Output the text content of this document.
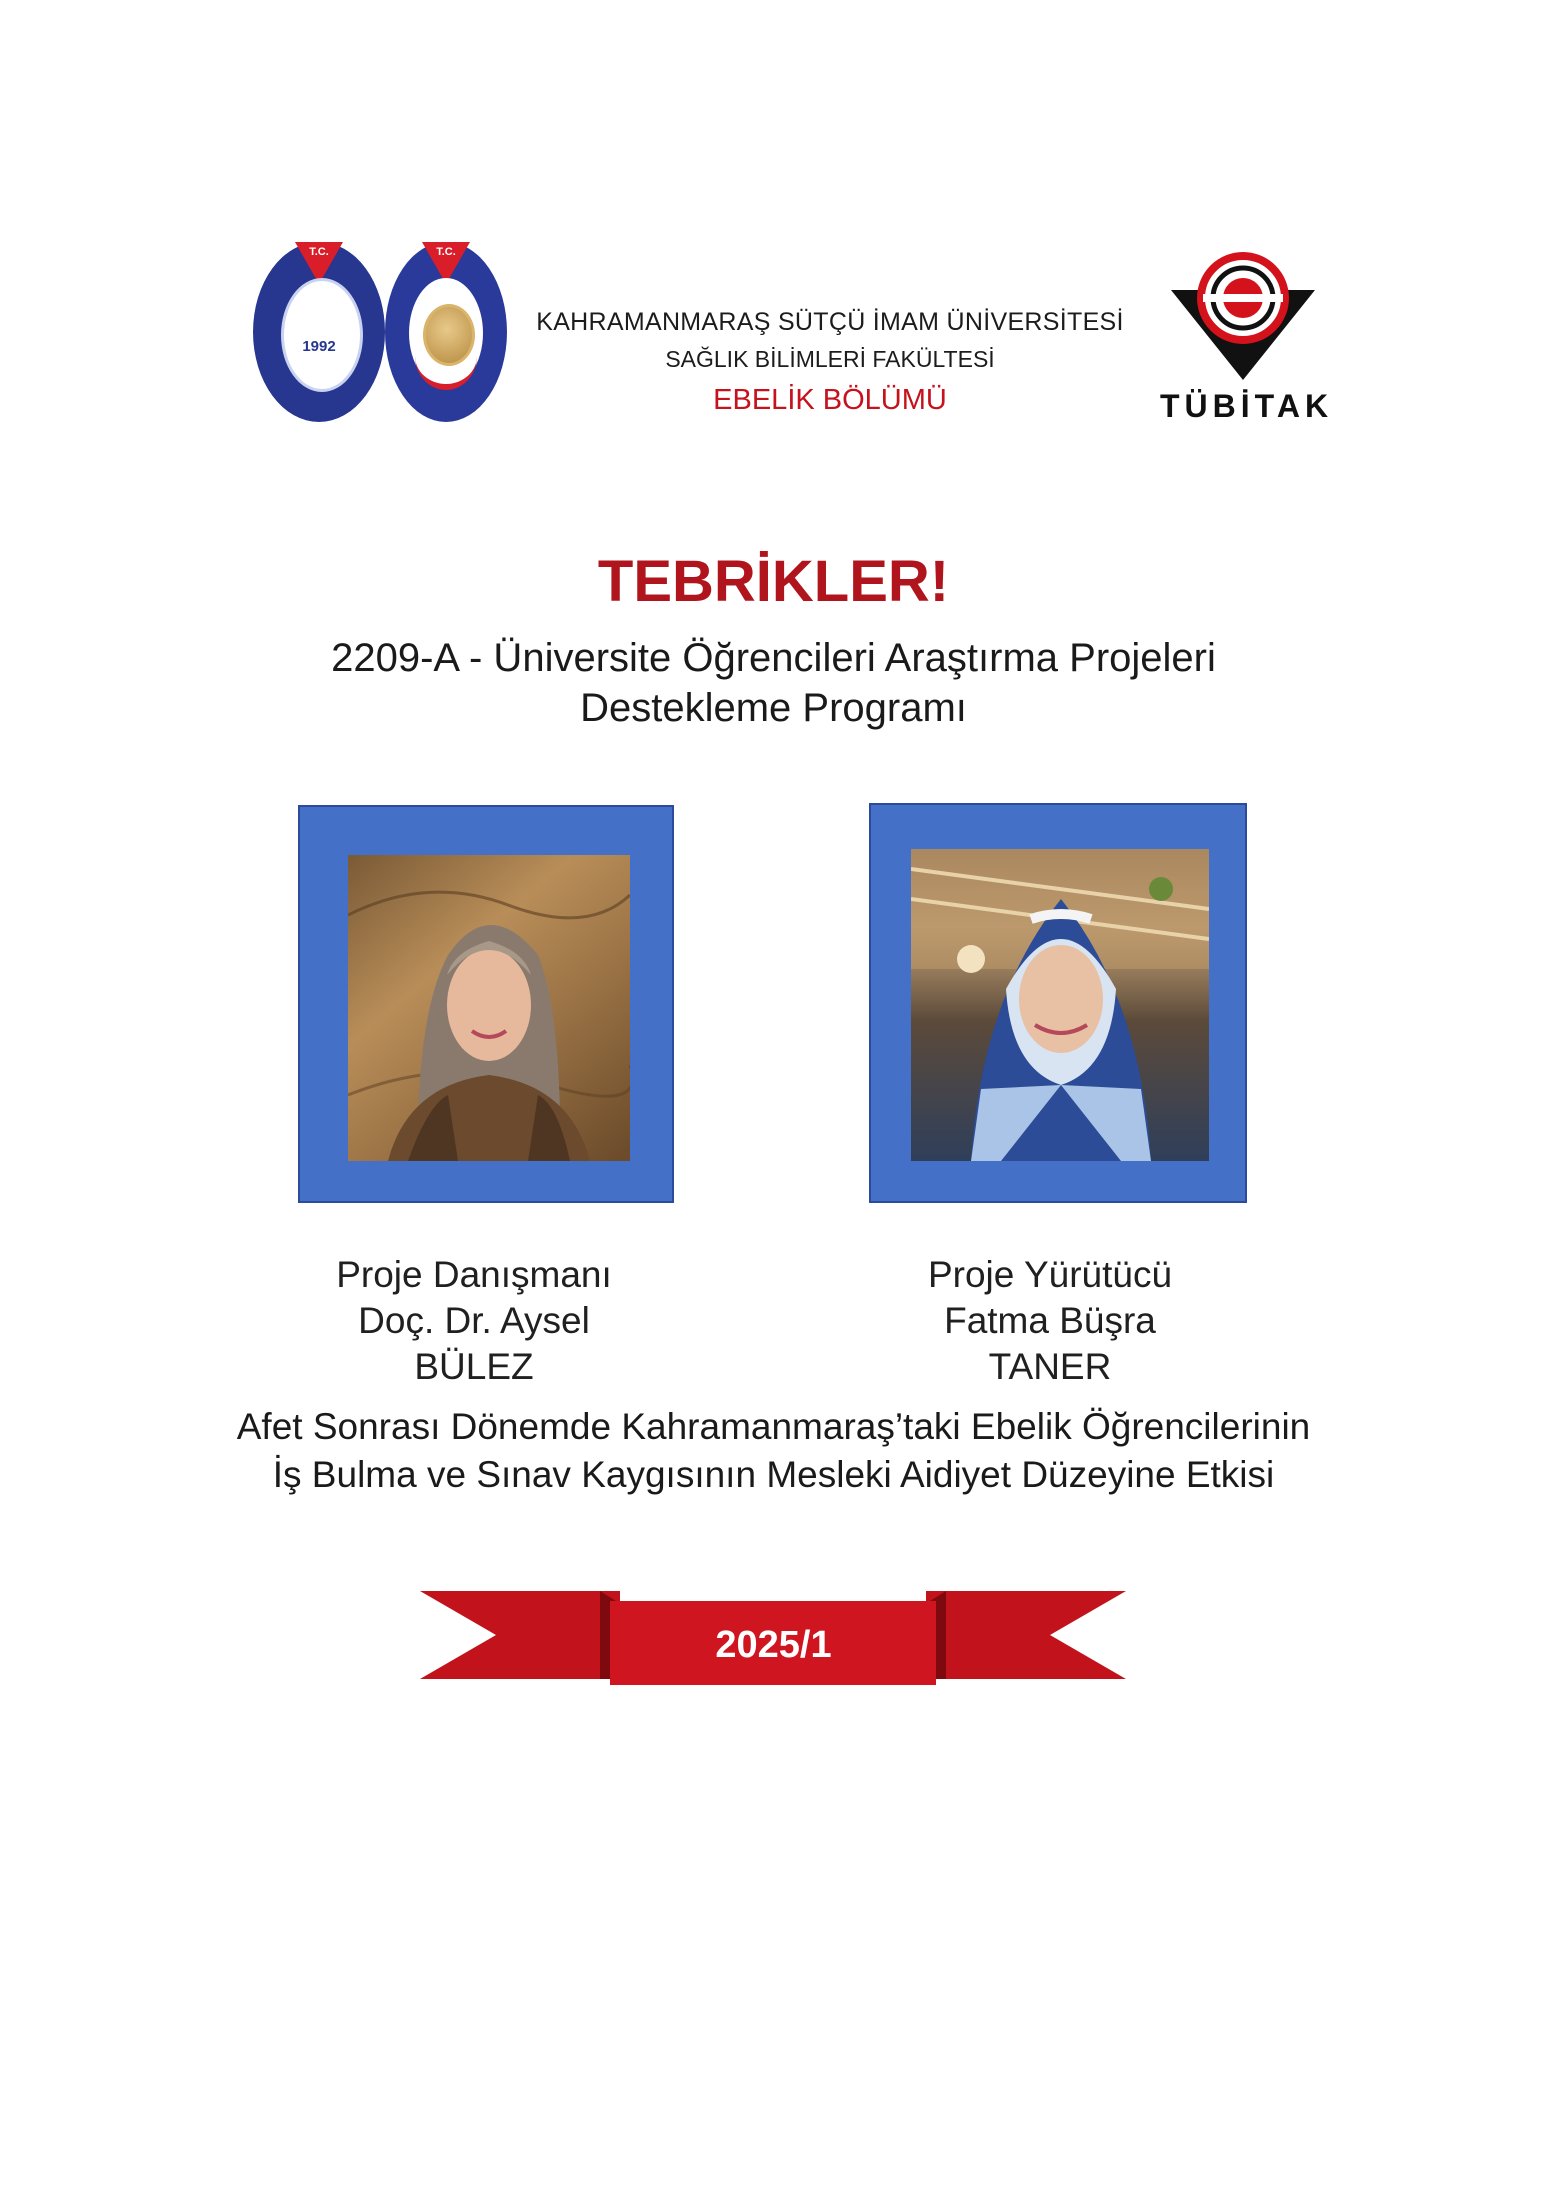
T.C.
1992
T.C.
KAHRAMANMARAŞ SÜTÇÜ İMAM ÜNİVERSİTESİ
SAĞLIK BİLİMLERİ FAKÜLTESİ
EBELİK BÖLÜMÜ	TÜBİTAK
TEBRİKLER!
2209-A - Üniversite Öğrencileri Araştırma Projeleri
Destekleme Programı
Proje Danışmanı
Doç. Dr. Aysel
BÜLEZ
Proje Yürütücü
Fatma Büşra TANER
Afet Sonrası Dönemde Kahramanmaraş’taki Ebelik Öğrencilerinin
İş Bulma ve Sınav Kaygısının Mesleki Aidiyet Düzeyine Etkisi
2025/1
